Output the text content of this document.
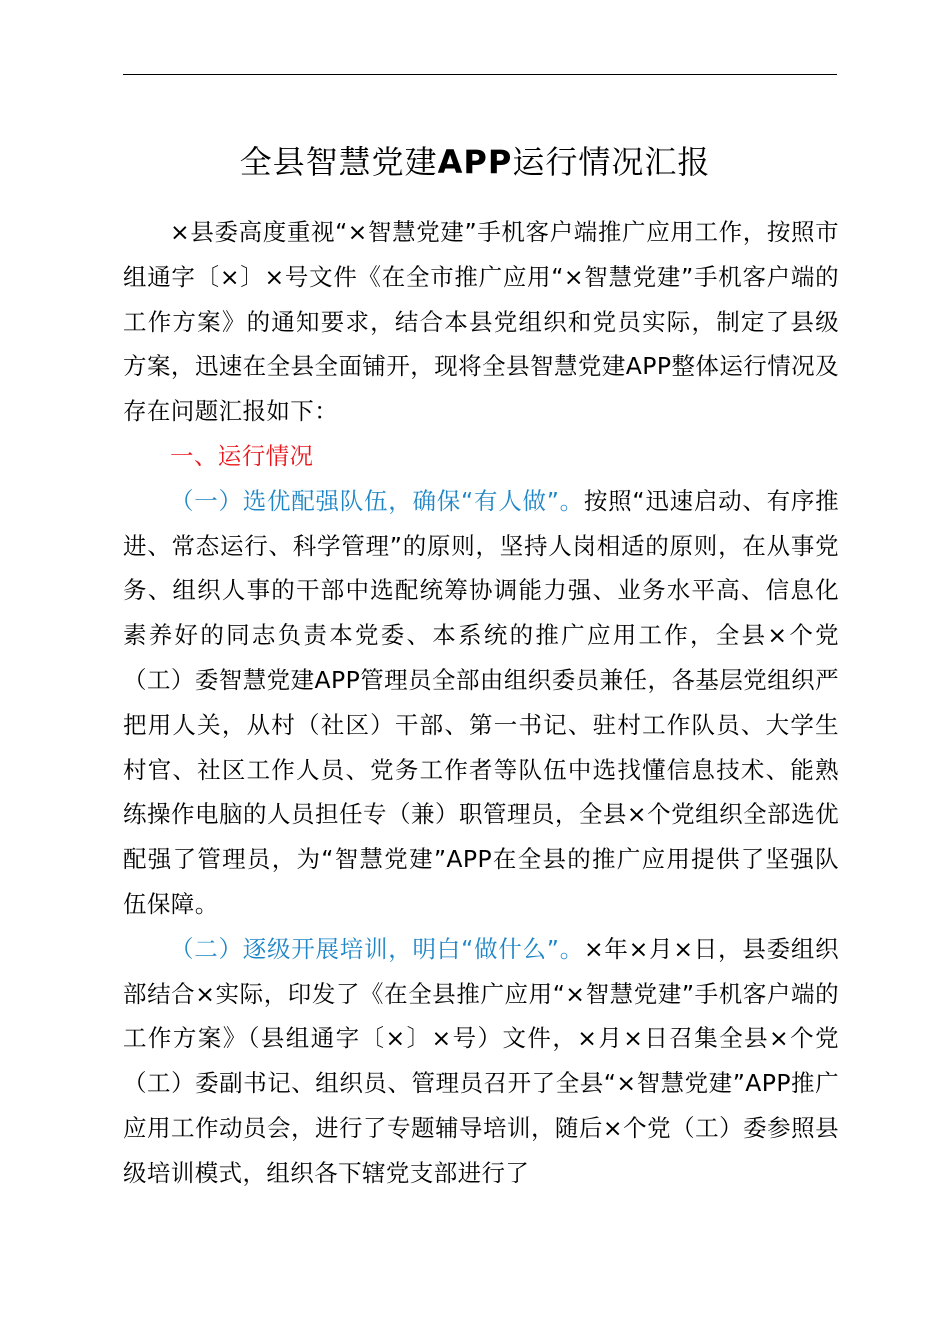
全县智慧党建APP运行情况汇报

×县委高度重视“×智慧党建”手机客户端推广应用工作，按照市组通字〔×〕×号文件《在全市推广应用“×智慧党建”手机客户端的工作方案》的通知要求，结合本县党组织和党员实际，制定了县级方案，迅速在全县全面铺开，现将全县智慧党建APP整体运行情况及存在问题汇报如下：

一、运行情况

（一）选优配强队伍，确保“有人做”。按照“迅速启动、有序推进、常态运行、科学管理”的原则，坚持人岗相适的原则，在从事党务、组织人事的干部中选配统筹协调能力强、业务水平高、信息化素养好的同志负责本党委、本系统的推广应用工作，全县×个党（工）委智慧党建APP管理员全部由组织委员兼任，各基层党组织严把用人关，从村（社区）干部、第一书记、驻村工作队员、大学生村官、社区工作人员、党务工作者等队伍中选找懂信息技术、能熟练操作电脑的人员担任专（兼）职管理员，全县×个党组织全部选优配强了管理员，为“智慧党建”APP在全县的推广应用提供了坚强队伍保障。

（二）逐级开展培训，明白“做什么”。×年×月×日，县委组织部结合×实际，印发了《在全县推广应用“×智慧党建”手机客户端的工作方案》（县组通字〔×〕×号）文件，×月×日召集全县×个党（工）委副书记、组织员、管理员召开了全县“×智慧党建”APP推广应用工作动员会，进行了专题辅导培训，随后×个党（工）委参照县级培训模式，组织各下辖党支部进行了
